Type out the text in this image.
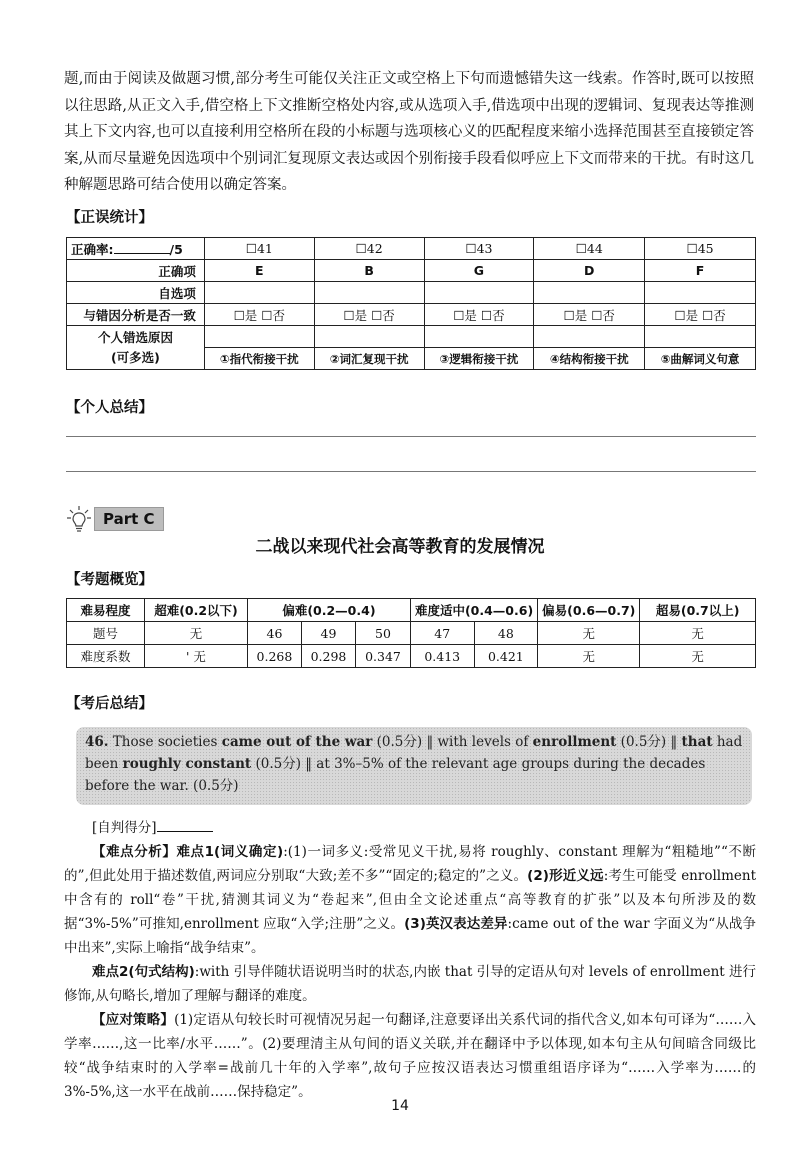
题,而由于阅读及做题习惯,部分考生可能仅关注正文或空格上下句而遗憾错失这一线索。作答时,既可以按照以往思路,从正文入手,借空格上下文推断空格处内容,或从选项入手,借选项中出现的逻辑词、复现表达等推测其上下文内容,也可以直接利用空格所在段的小标题与选项核心义的匹配程度来缩小选择范围甚至直接锁定答案,从而尽量避免因选项中个别词汇复现原文表达或因个别衔接手段看似呼应上下文而带来的干扰。有时这几种解题思路可结合使用以确定答案。

【正误统计】
正确率: /5	☐41	☐42	☐43	☐44	☐45
正确项	E	B	G	D	F
自选项					
与错因分析是否一致	☐是 ☐否	☐是 ☐否	☐是 ☐否	☐是 ☐否	☐是 ☐否

个人错选原因
(可多选)					

	①指代衔接干扰	②词汇复现干扰	③逻辑衔接干扰	④结构衔接干扰	⑤曲解词义句意
【个人总结】
Part C
二战以来现代社会高等教育的发展情况
【考题概览】
难易程度	超难(0.2以下)	偏难(0.2—0.4)			难度适中(0.4—0.6)		偏易(0.6—0.7)	超易(0.7以上)
题号	无	46	49	50	47	48	无	无
难度系数	' 无	0.268	0.298	0.347	0.413	0.421	无	无
【考后总结】
46. Those societies came out of the war (0.5分) ‖ with levels of enrollment (0.5分) ‖ that had been roughly constant (0.5分) ‖ at 3%–5% of the relevant age groups during the decades before the war. (0.5分)

[自判得分]

【难点分析】难点1(词义确定):(1)一词多义:受常见义干扰,易将 roughly、constant 理解为“粗糙地”“不断的”,但此处用于描述数值,两词应分别取“大致;差不多”“固定的;稳定的”之义。(2)形近义远:考生可能受 enrollment 中含有的 roll“卷”干扰,猜测其词义为“卷起来”,但由全文论述重点“高等教育的扩张”以及本句所涉及的数据“3%-5%”可推知,enrollment 应取“入学;注册”之义。(3)英汉表达差异:came out of the war 字面义为“从战争中出来”,实际上喻指“战争结束”。

难点2(句式结构):with 引导伴随状语说明当时的状态,内嵌 that 引导的定语从句对 levels of enrollment 进行修饰,从句略长,增加了理解与翻译的难度。

【应对策略】(1)定语从句较长时可视情况另起一句翻译,注意要译出关系代词的指代含义,如本句可译为“……入学率……,这一比率/水平……”。(2)要理清主从句间的语义关联,并在翻译中予以体现,如本句主从句间暗含同级比较“战争结束时的入学率=战前几十年的入学率”,故句子应按汉语表达习惯重组语序译为“……入学率为……的3%-5%,这一水平在战前……保持稳定”。

14
